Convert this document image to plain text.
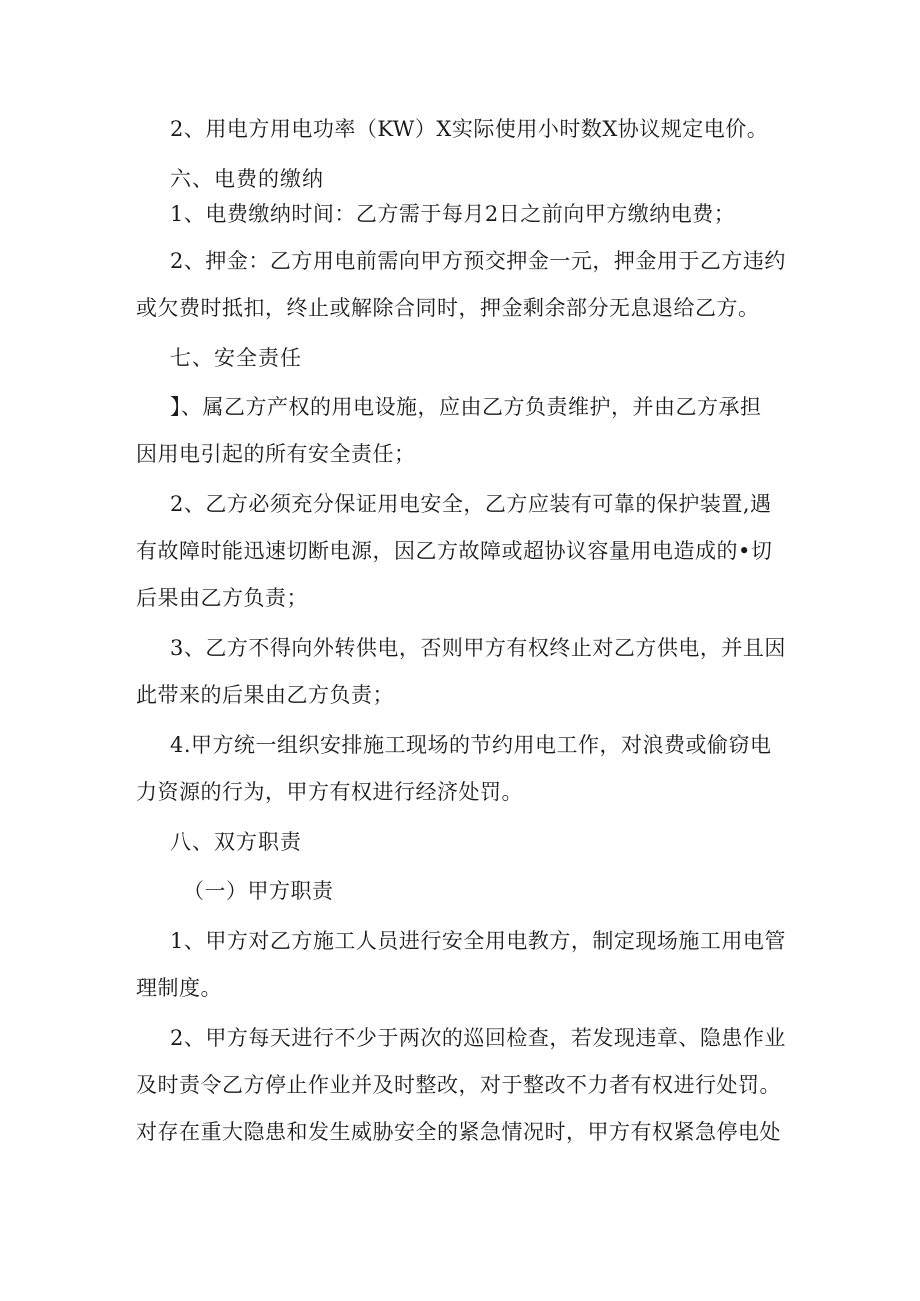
2、用电方用电功率（KW）X实际使用小时数X协议规定电价。
六、电费的缴纳
1、电费缴纳时间：乙方需于每月2日之前向甲方缴纳电费；
2、押金：乙方用电前需向甲方预交押金一元，押金用于乙方违约
或欠费时抵扣，终止或解除合同时，押金剩余部分无息退给乙方。
七、安全责任
】、属乙方产权的用电设施，应由乙方负责维护，并由乙方承担
因用电引起的所有安全责任；
2、乙方必须充分保证用电安全，乙方应装有可靠的保护装置,遇
有故障时能迅速切断电源，因乙方故障或超协议容量用电造成的•切
后果由乙方负责；
3、乙方不得向外转供电，否则甲方有权终止对乙方供电，并且因
此带来的后果由乙方负责；
4.甲方统一组织安排施工现场的节约用电工作，对浪费或偷窃电
力资源的行为，甲方有权进行经济处罚。
八、双方职责
（一）甲方职责
1、甲方对乙方施工人员进行安全用电教方，制定现场施工用电管
理制度。
2、甲方每天进行不少于两次的巡回检查，若发现违章、隐患作业
及时责令乙方停止作业并及时整改，对于整改不力者有权进行处罚。
对存在重大隐患和发生威胁安全的紧急情况时，甲方有权紧急停电处
